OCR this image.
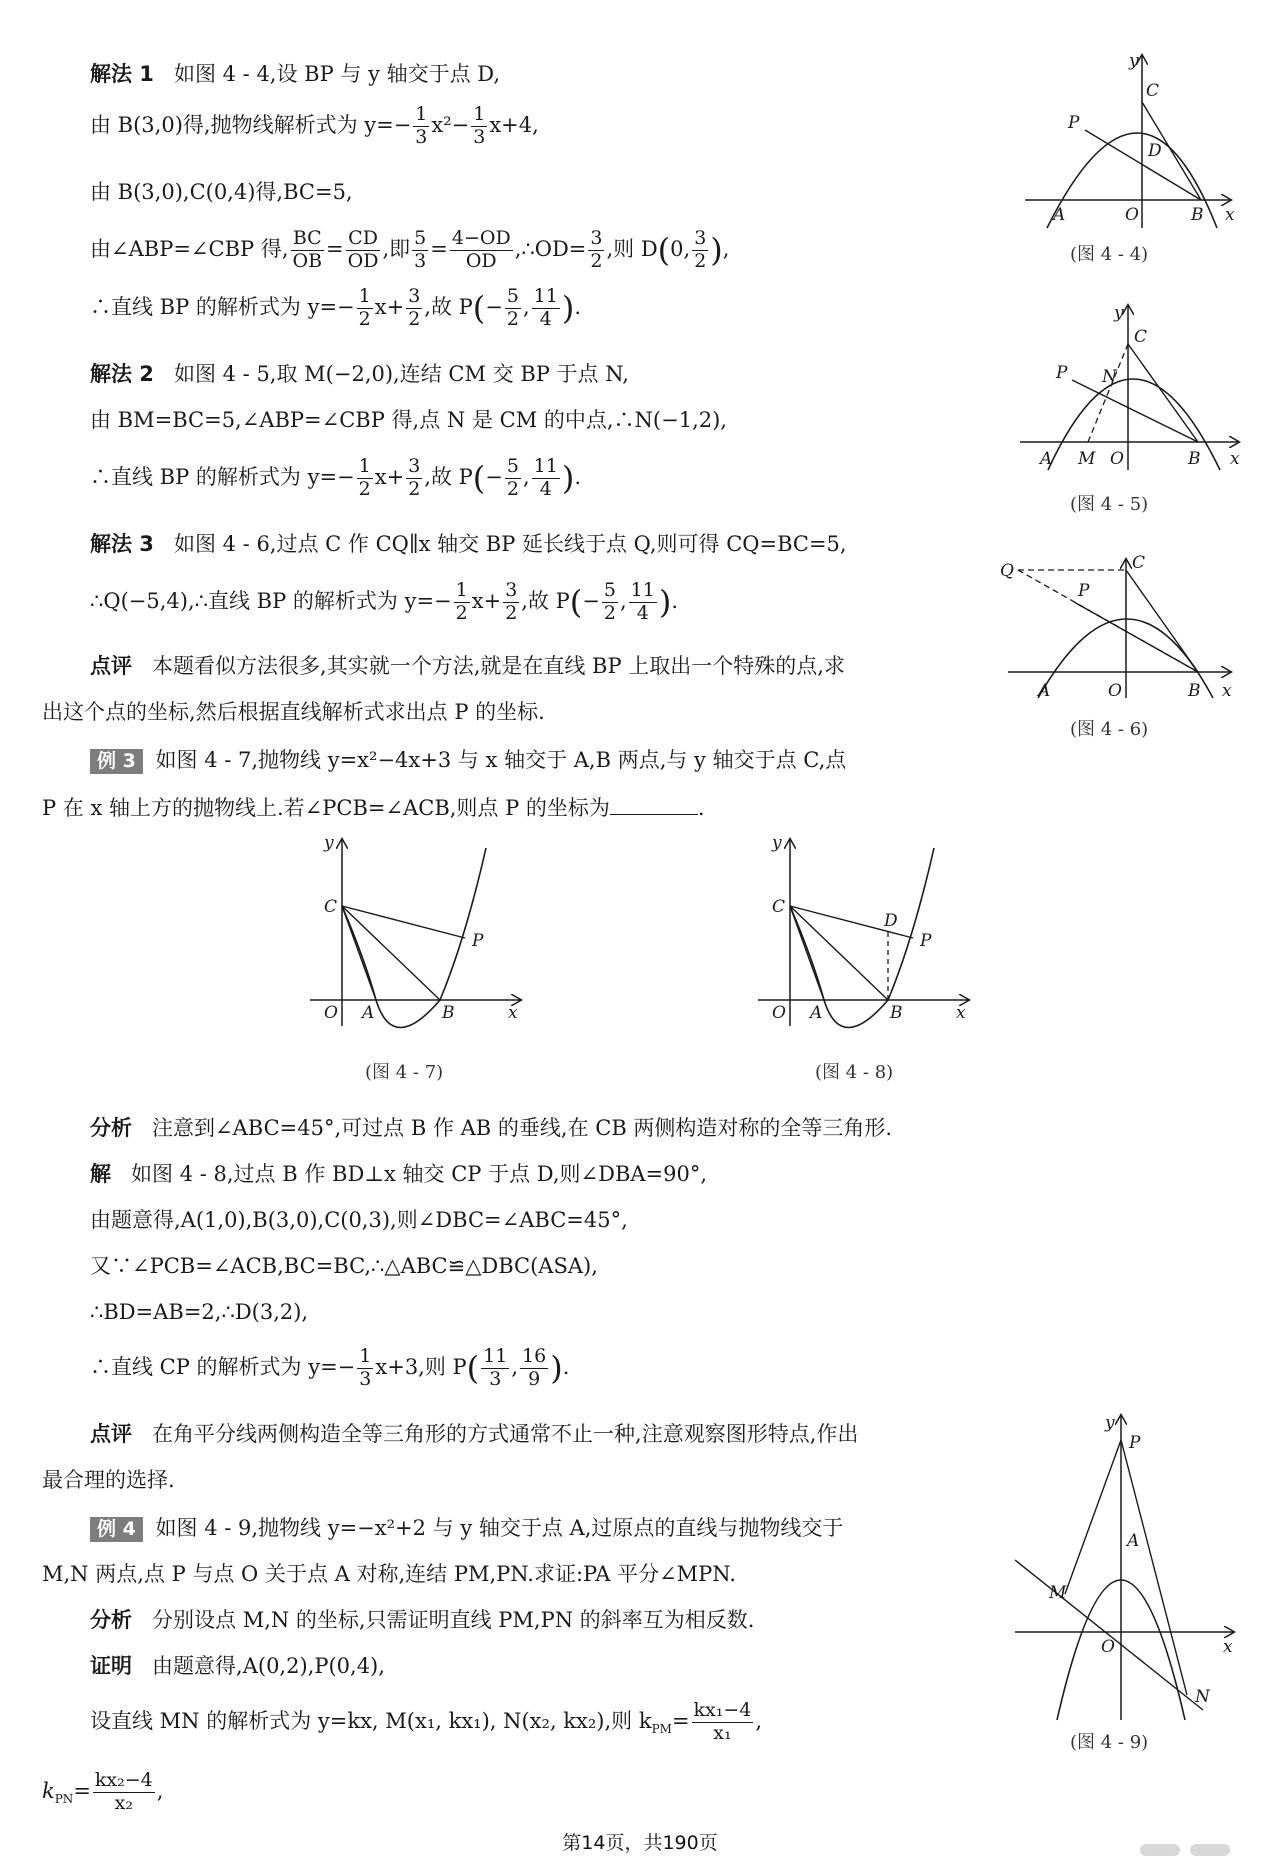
解法 1 如图 4 - 4,设 BP 与 y 轴交于点 D,
由 B(3,0)得,抛物线解析式为 $y=- \frac{1}{3} x^2- \frac{1}{3} x+4$,
由 B(3,0),C(0,4)得,BC=5,
由∠ABP=∠CBP 得, $\frac{BC}{OB} = \frac{CD}{OD}$ ,即 $\frac{5}{3} = \frac{4-OD}{OD}$ ,∴OD= $\frac{3}{2}$ ,则 D(0, $\frac{3}{2}$ ),
∴直线 BP 的解析式为 $y=- \frac{1}{2} x+ \frac{3}{2}$ ,故 $P(- \frac{5}{2}$ , $\frac{11}{4}$ ).
解法 2 如图 4 - 5,取 M(−2,0),连结 CM 交 BP 于点 N,
由 BM=BC=5,∠ABP=∠CBP 得,点 N 是 CM 的中点,∴N(−1,2),
∴直线 BP 的解析式为 $y=- \frac{1}{2} x+ \frac{3}{2}$ ,故 $P(- \frac{5}{2}$ , $\frac{11}{4}$ ).
解法 3 如图 4 - 6,过点 C 作 CQ∥x 轴交 BP 延长线于点 Q,则可得 CQ=BC=5,
∴Q(−5,4),∴直线 BP 的解析式为 $y=- \frac{1}{2} x+ \frac{3}{2}$ ,故 $P(- \frac{5}{2}$ , $\frac{11}{4}$ ).
点评 本题看似方法很多,其实就一个方法,就是在直线 BP 上取出一个特殊的点,求
出这个点的坐标,然后根据直线解析式求出点 P 的坐标.
例 3 如图 4 - 7,抛物线 y=x²−4x+3 与 x 轴交于 A,B 两点,与 y 轴交于点 C,点
P 在 x 轴上方的抛物线上.若∠PCB=∠ACB,则点 P 的坐标为	.
分析 注意到∠ABC=45°,可过点 B 作 AB 的垂线,在 CB 两侧构造对称的全等三角形.
解 如图 4 - 8,过点 B 作 BD⊥x 轴交 CP 于点 D,则∠DBA=90°,
由题意得,A(1,0),B(3,0),C(0,3),则∠DBC=∠ABC=45°,
又∵∠PCB=∠ACB,BC=BC,∴△ABC≌△DBC(ASA),
∴BD=AB=2,∴D(3,2),
∴直线 CP 的解析式为 $y=- \frac{1}{3} x+3$,则 $P( \frac{11}{3}$ , $\frac{16}{9}$ ).
点评 在角平分线两侧构造全等三角形的方式通常不止一种,注意观察图形特点,作出
最合理的选择.
例 4 如图 4 - 9,抛物线 y=−x²+2 与 y 轴交于点 A,过原点的直线与抛物线交于
M,N 两点,点 P 与点 O 关于点 A 对称,连结 PM,PN.求证:PA 平分∠MPN.
分析 分别设点 M,N 的坐标,只需证明直线 PM,PN 的斜率互为相反数.
证明 由题意得,A(0,2),P(0,4),
设直线 MN 的解析式为 y=kx, M(x₁, kx₁), N(x₂, kx₂),则 $k_{PM}= \frac{\text{kx₁−4}}{\text{x₁}}$ ,
$k_{PN}= \frac{\text{kx₂−4}}{\text{x₂}}$ ,
y
C
P
D
A	O	B x
(图 4 - 4)
y
C
P N
A M O	B x
(图 4 - 5)
Q	C
P
A	O	B x
(图 4 - 6)
y
C
P
O A	B	x
(图 4 - 7)
y
C
D
P
O A	B	x
(图 4 - 8)
y
P
A
M
O	x
N
(图 4 - 9)
第14页，共190页
